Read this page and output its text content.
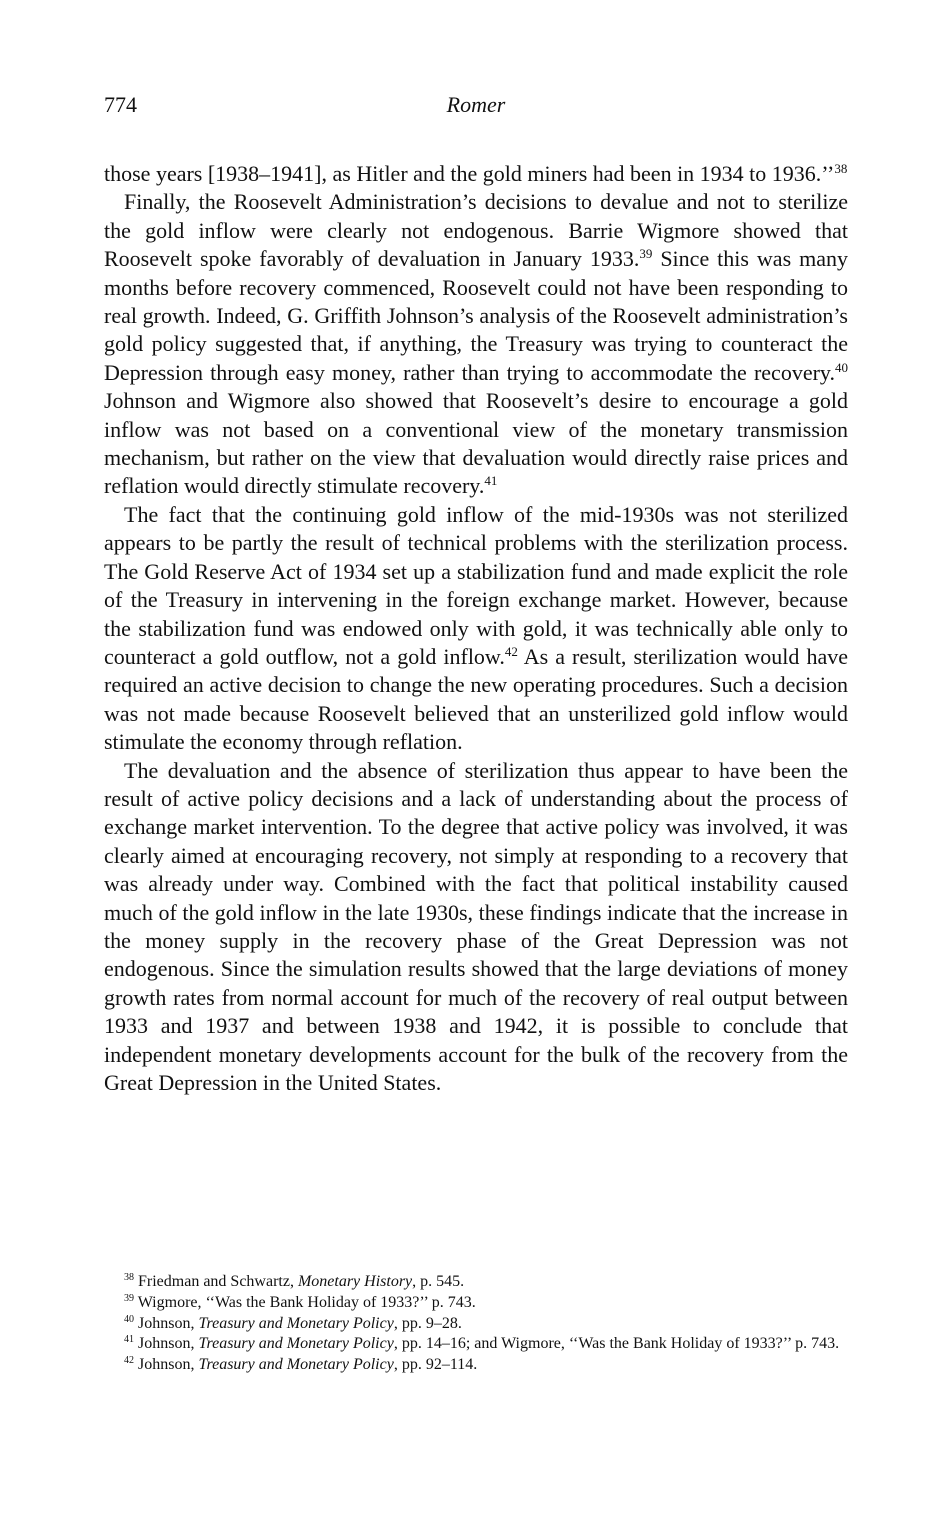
774	Romer

those years [1938–1941], as Hitler and the gold miners had been in 1934 to 1936.’’$^{38}$

Finally, the Roosevelt Administration’s decisions to devalue and not to sterilize the gold inflow were clearly not endogenous. Barrie Wigmore showed that Roosevelt spoke favorably of devaluation in January 1933.39 Since this was many months before recovery commenced, Roosevelt could not have been responding to real growth. Indeed, G. Griffith Johnson’s analysis of the Roosevelt administration’s gold policy suggested that, if anything, the Treasury was trying to counteract the Depression through easy money, rather than trying to accommodate the recovery.$^{40}$ Johnson and Wigmore also showed that Roosevelt’s desire to encourage a gold inflow was not based on a conventional view of the monetary transmission mechanism, but rather on the view that devaluation would directly raise prices and reflation would directly stimulate recovery.$^{41}$

The fact that the continuing gold inflow of the mid-1930s was not sterilized appears to be partly the result of technical problems with the sterilization process. The Gold Reserve Act of 1934 set up a stabilization fund and made explicit the role of the Treasury in intervening in the foreign exchange market. However, because the stabilization fund was endowed only with gold, it was technically able only to counteract a gold outflow, not a gold inflow.$^{42}$ As a result, sterilization would have required an active decision to change the new operating procedures. Such a decision was not made because Roosevelt believed that an unsterilized gold inflow would stimulate the economy through reflation.

The devaluation and the absence of sterilization thus appear to have been the result of active policy decisions and a lack of understanding about the process of exchange market intervention. To the degree that active policy was involved, it was clearly aimed at encouraging recovery, not simply at responding to a recovery that was already under way. Combined with the fact that political instability caused much of the gold inflow in the late 1930s, these findings indicate that the increase in the money supply in the recovery phase of the Great Depression was not endogenous. Since the simulation results showed that the large deviations of money growth rates from normal account for much of the recovery of real output between 1933 and 1937 and between 1938 and 1942, it is possible to conclude that independent monetary developments account for the bulk of the recovery from the Great Depression in the United States.

$^{38}$ Friedman and Schwartz, Monetary History, p. 545.
$^{39}$ Wigmore, ‘‘Was the Bank Holiday of 1933?’’ p. 743.
$^{40}$ Johnson, Treasury and Monetary Policy, pp. 9–28.
$^{41}$ Johnson, Treasury and Monetary Policy, pp. 14–16; and Wigmore, ‘‘Was the Bank Holiday of 1933?’’ p. 743.
$^{42}$ Johnson, Treasury and Monetary Policy, pp. 92–114.
